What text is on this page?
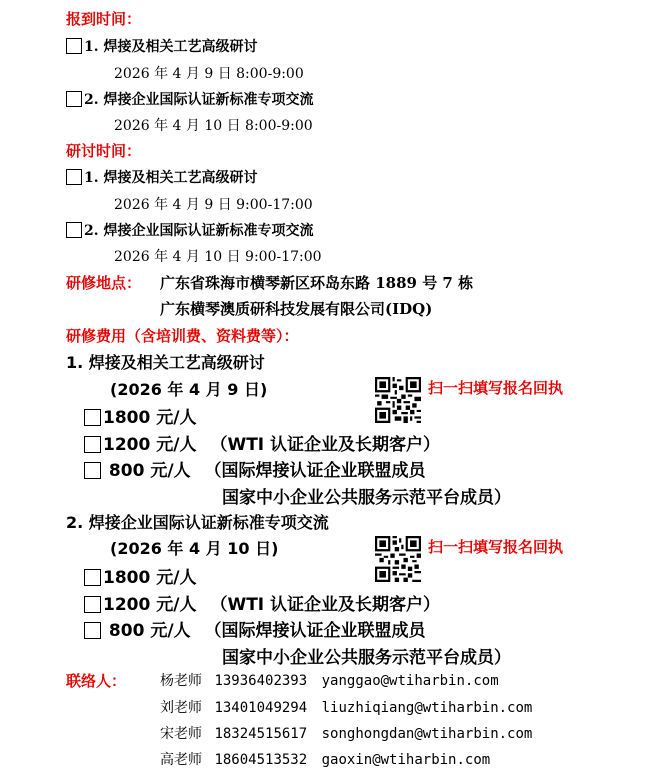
报到时间：
1. 焊接及相关工艺高级研讨
2026 年 4 月 9 日 8:00-9:00
2. 焊接企业国际认证新标准专项交流
2026 年 4 月 10 日 8:00-9:00
研讨时间：
1. 焊接及相关工艺高级研讨
2026 年 4 月 9 日 9:00-17:00
2. 焊接企业国际认证新标准专项交流
2026 年 4 月 10 日 9:00-17:00
研修地点： 广东省珠海市横琴新区环岛东路 1889 号 7 栋
广东横琴澳质研科技发展有限公司(IDQ)
研修费用（含培训费、资料费等）：
1. 焊接及相关工艺高级研讨
(2026 年 4 月 9 日)	扫一扫填写报名回执
1800 元/人
1200 元/人 （WTI 认证企业及长期客户）
800 元/人 （国际焊接认证企业联盟成员
国家中小企业公共服务示范平台成员）
2. 焊接企业国际认证新标准专项交流
(2026 年 4 月 10 日)	扫一扫填写报名回执
1800 元/人
1200 元/人 （WTI 认证企业及长期客户）
800 元/人 （国际焊接认证企业联盟成员
国家中小企业公共服务示范平台成员）
联络人： 杨老师 13936402393 yanggao@wtiharbin.com
刘老师 13401049294 liuzhiqiang@wtiharbin.com
宋老师 18324515617 songhongdan@wtiharbin.com
高老师 18604513532 gaoxin@wtiharbin.com
